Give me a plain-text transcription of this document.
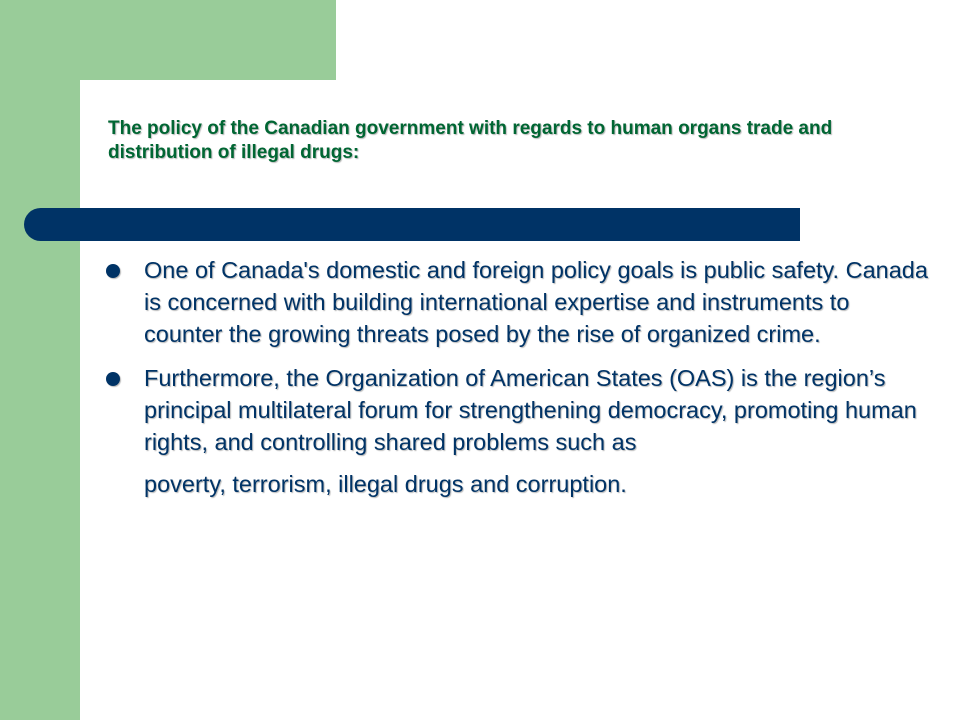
The policy of the Canadian government with regards to human organs trade and distribution of illegal drugs:
One of Canada's domestic and foreign policy goals is public safety. Canada is concerned with building international expertise and instruments to counter the growing threats posed by the rise of organized crime.
Furthermore, the Organization of American States (OAS) is the region’s principal multilateral forum for strengthening democracy, promoting human rights, and controlling shared problems such as
poverty, terrorism, illegal drugs and corruption.
